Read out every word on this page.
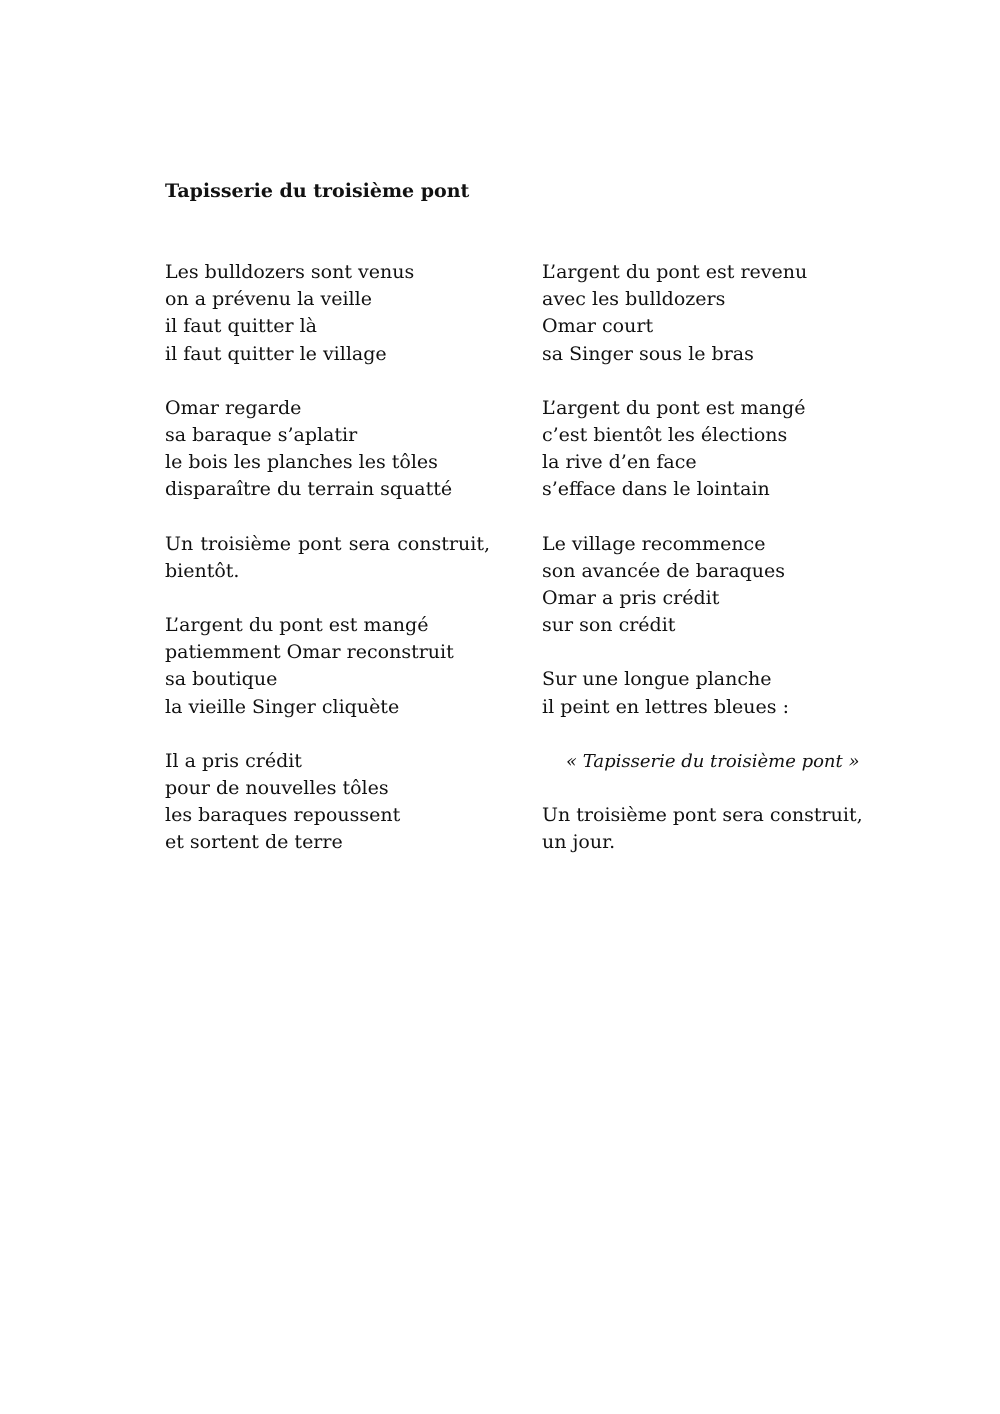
Tapisserie du troisième pont
Les bulldozers sont venus
on a prévenu la veille
il faut quitter là
il faut quitter le village
Omar regarde
sa baraque s’aplatir
le bois les planches les tôles
disparaître du terrain squatté
Un troisième pont sera construit,
bientôt.
L’argent du pont est mangé
patiemment Omar reconstruit
sa boutique
la vieille Singer cliquète
Il a pris crédit
pour de nouvelles tôles
les baraques repoussent
et sortent de terre
L’argent du pont est revenu
avec les bulldozers
Omar court
sa Singer sous le bras
L’argent du pont est mangé
c’est bientôt les élections
la rive d’en face
s’efface dans le lointain
Le village recommence
son avancée de baraques
Omar a pris crédit
sur son crédit
Sur une longue planche
il peint en lettres bleues :
« Tapisserie du troisième pont »
Un troisième pont sera construit,
un jour.
